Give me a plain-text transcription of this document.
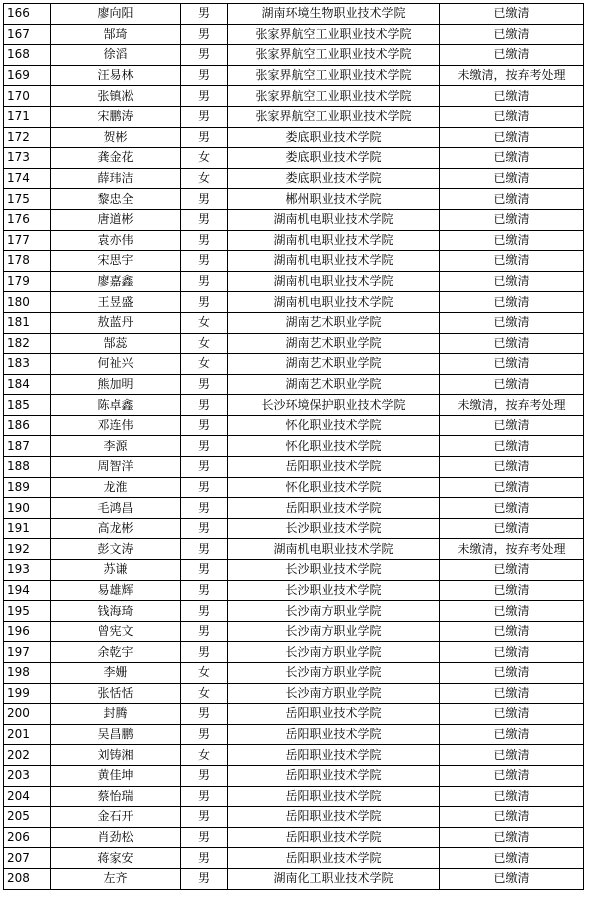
166	廖向阳	男	湖南环境生物职业技术学院	已缴清
167	郜琦	男	张家界航空工业职业技术学院	已缴清
168	徐滔	男	张家界航空工业职业技术学院	已缴清
169	汪易林	男	张家界航空工业职业技术学院	未缴清，按弃考处理
170	张镇凇	男	张家界航空工业职业技术学院	已缴清
171	宋鹏涛	男	张家界航空工业职业技术学院	已缴清
172	贺彬	男	娄底职业技术学院	已缴清
173	龚金花	女	娄底职业技术学院	已缴清
174	薛玮洁	女	娄底职业技术学院	已缴清
175	黎忠全	男	郴州职业技术学院	已缴清
176	唐道彬	男	湖南机电职业技术学院	已缴清
177	袁亦伟	男	湖南机电职业技术学院	已缴清
178	宋思宇	男	湖南机电职业技术学院	已缴清
179	廖嘉鑫	男	湖南机电职业技术学院	已缴清
180	王昱盛	男	湖南机电职业技术学院	已缴清
181	敖蓝丹	女	湖南艺术职业学院	已缴清
182	郜蕊	女	湖南艺术职业学院	已缴清
183	何祉兴	女	湖南艺术职业学院	已缴清
184	熊加明	男	湖南艺术职业学院	已缴清
185	陈卓鑫	男	长沙环境保护职业技术学院	未缴清，按弃考处理
186	邓连伟	男	怀化职业技术学院	已缴清
187	李源	男	怀化职业技术学院	已缴清
188	周智洋	男	岳阳职业技术学院	已缴清
189	龙淮	男	怀化职业技术学院	已缴清
190	毛鸿昌	男	岳阳职业技术学院	已缴清
191	高龙彬	男	长沙职业技术学院	已缴清
192	彭文涛	男	湖南机电职业技术学院	未缴清，按弃考处理
193	苏谦	男	长沙职业技术学院	已缴清
194	易雄辉	男	长沙职业技术学院	已缴清
195	钱海琦	男	长沙南方职业学院	已缴清
196	曾宪文	男	长沙南方职业学院	已缴清
197	余乾宇	男	长沙南方职业学院	已缴清
198	李姗	女	长沙南方职业学院	已缴清
199	张恬恬	女	长沙南方职业学院	已缴清
200	封腾	男	岳阳职业技术学院	已缴清
201	吴昌鹏	男	岳阳职业技术学院	已缴清
202	刘铸湘	女	岳阳职业技术学院	已缴清
203	黄佳坤	男	岳阳职业技术学院	已缴清
204	蔡怡瑞	男	岳阳职业技术学院	已缴清
205	金石开	男	岳阳职业技术学院	已缴清
206	肖劲松	男	岳阳职业技术学院	已缴清
207	蒋家安	男	岳阳职业技术学院	已缴清
208	左齐	男	湖南化工职业技术学院	已缴清
